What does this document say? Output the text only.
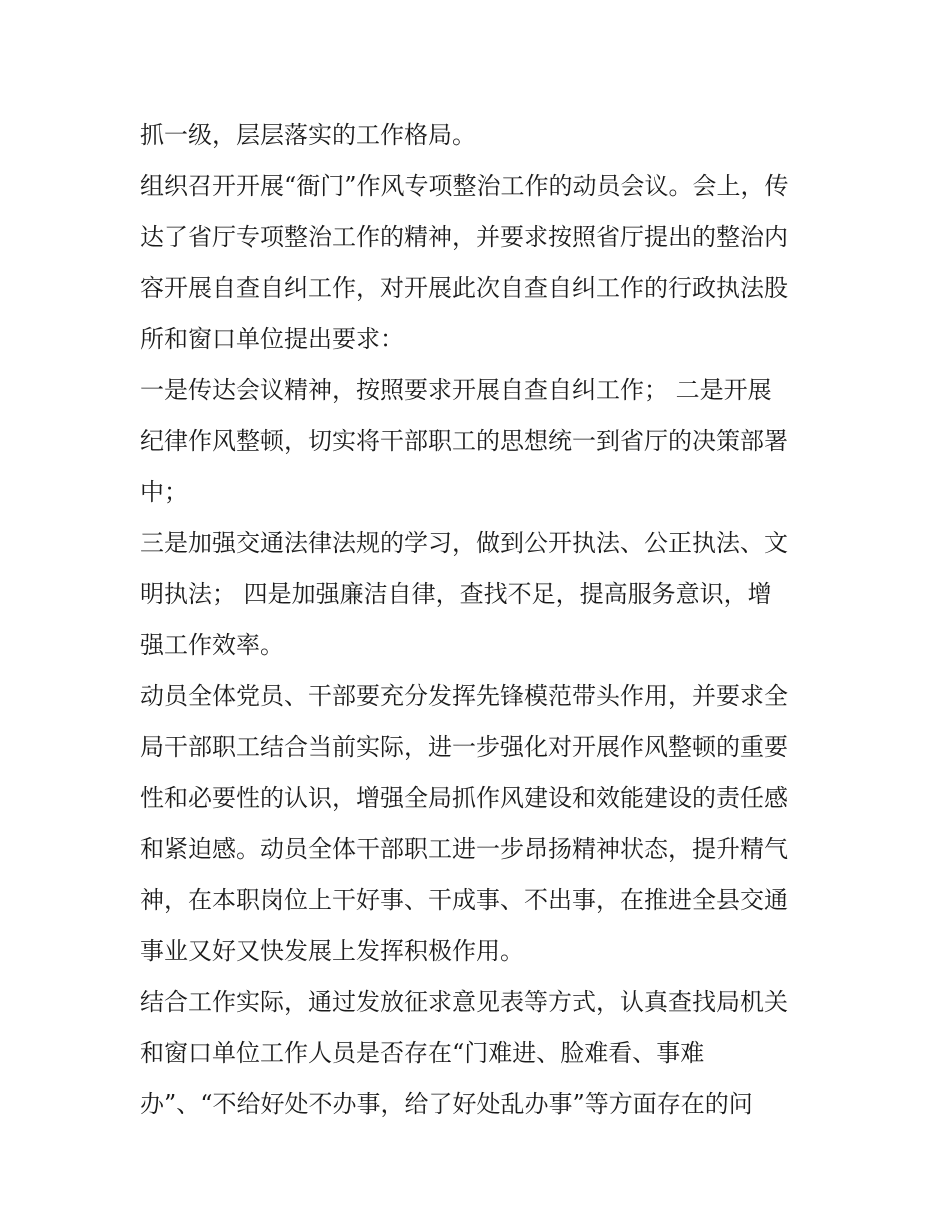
抓一级，层层落实的工作格局。
组织召开开展“衙门”作风专项整治工作的动员会议。会上，传
达了省厅专项整治工作的精神，并要求按照省厅提出的整治内
容开展自查自纠工作，对开展此次自查自纠工作的行政执法股
所和窗口单位提出要求：
一是传达会议精神，按照要求开展自查自纠工作； 二是开展
纪律作风整顿，切实将干部职工的思想统一到省厅的决策部署
中；
三是加强交通法律法规的学习，做到公开执法、公正执法、文
明执法； 四是加强廉洁自律，查找不足，提高服务意识，增
强工作效率。
动员全体党员、干部要充分发挥先锋模范带头作用，并要求全
局干部职工结合当前实际，进一步强化对开展作风整顿的重要
性和必要性的认识，增强全局抓作风建设和效能建设的责任感
和紧迫感。动员全体干部职工进一步昂扬精神状态，提升精气
神，在本职岗位上干好事、干成事、不出事，在推进全县交通
事业又好又快发展上发挥积极作用。
结合工作实际，通过发放征求意见表等方式，认真查找局机关
和窗口单位工作人员是否存在“门难进、脸难看、事难
办”、“不给好处不办事，给了好处乱办事”等方面存在的问
